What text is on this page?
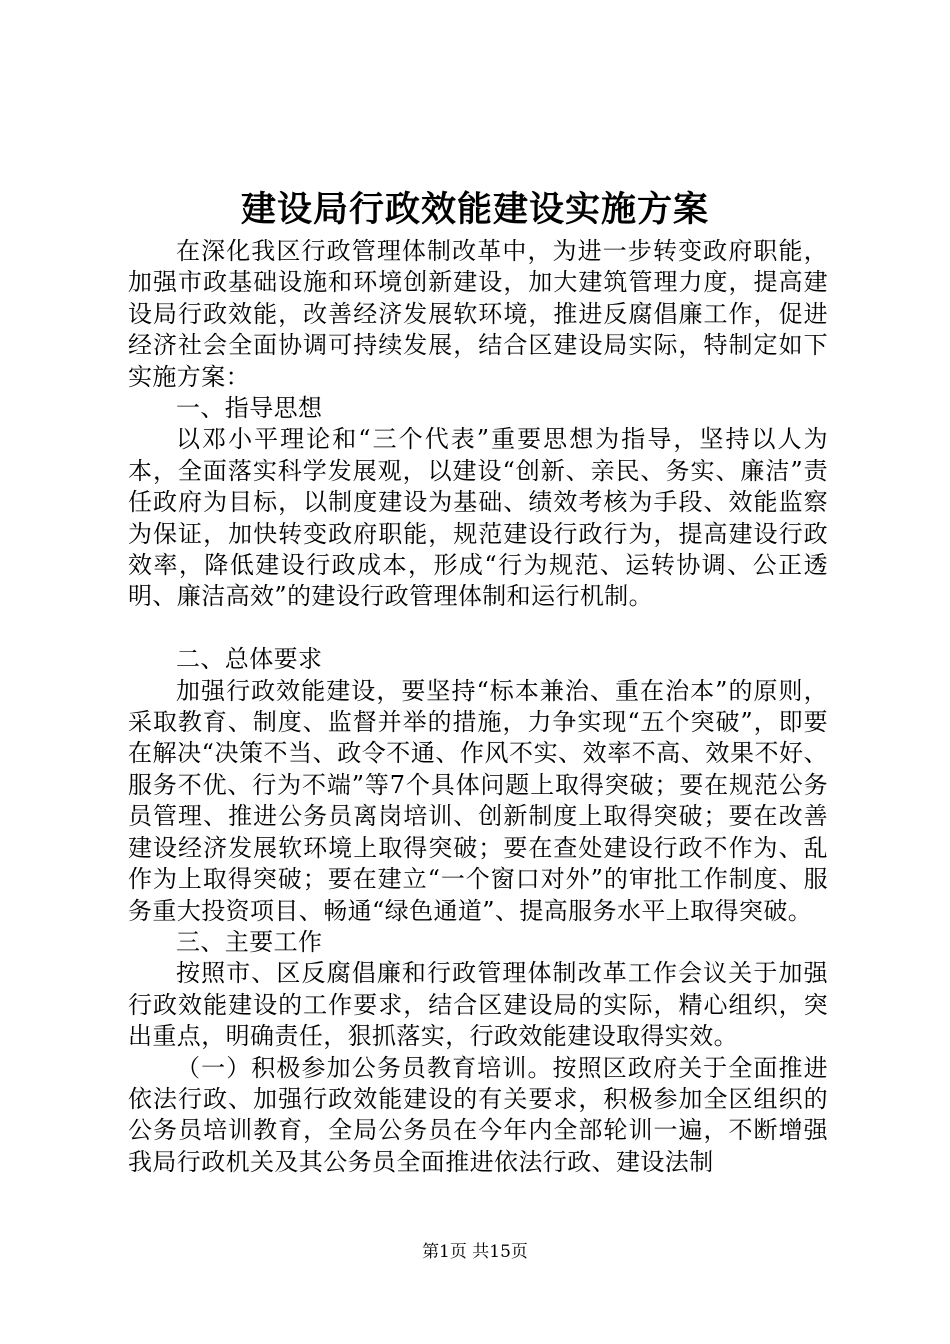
建设局行政效能建设实施方案

在深化我区行政管理体制改革中，为进一步转变政府职能，加强市政基础设施和环境创新建设，加大建筑管理力度，提高建设局行政效能，改善经济发展软环境，推进反腐倡廉工作，促进经济社会全面协调可持续发展，结合区建设局实际，特制定如下实施方案：

一、指导思想

以邓小平理论和“三个代表”重要思想为指导，坚持以人为本，全面落实科学发展观，以建设“创新、亲民、务实、廉洁”责任政府为目标，以制度建设为基础、绩效考核为手段、效能监察为保证，加快转变政府职能，规范建设行政行为，提高建设行政效率，降低建设行政成本，形成“行为规范、运转协调、公正透明、廉洁高效”的建设行政管理体制和运行机制。

二、总体要求

加强行政效能建设，要坚持“标本兼治、重在治本”的原则，采取教育、制度、监督并举的措施，力争实现“五个突破”，即要在解决“决策不当、政令不通、作风不实、效率不高、效果不好、服务不优、行为不端”等7个具体问题上取得突破；要在规范公务员管理、推进公务员离岗培训、创新制度上取得突破；要在改善建设经济发展软环境上取得突破；要在查处建设行政不作为、乱作为上取得突破；要在建立“一个窗口对外”的审批工作制度、服务重大投资项目、畅通“绿色通道”、提高服务水平上取得突破。

三、主要工作

按照市、区反腐倡廉和行政管理体制改革工作会议关于加强行政效能建设的工作要求，结合区建设局的实际，精心组织，突出重点，明确责任，狠抓落实，行政效能建设取得实效。

（一）积极参加公务员教育培训。按照区政府关于全面推进依法行政、加强行政效能建设的有关要求，积极参加全区组织的公务员培训教育，全局公务员在今年内全部轮训一遍，不断增强我局行政机关及其公务员全面推进依法行政、建设法制

第1页 共15页
